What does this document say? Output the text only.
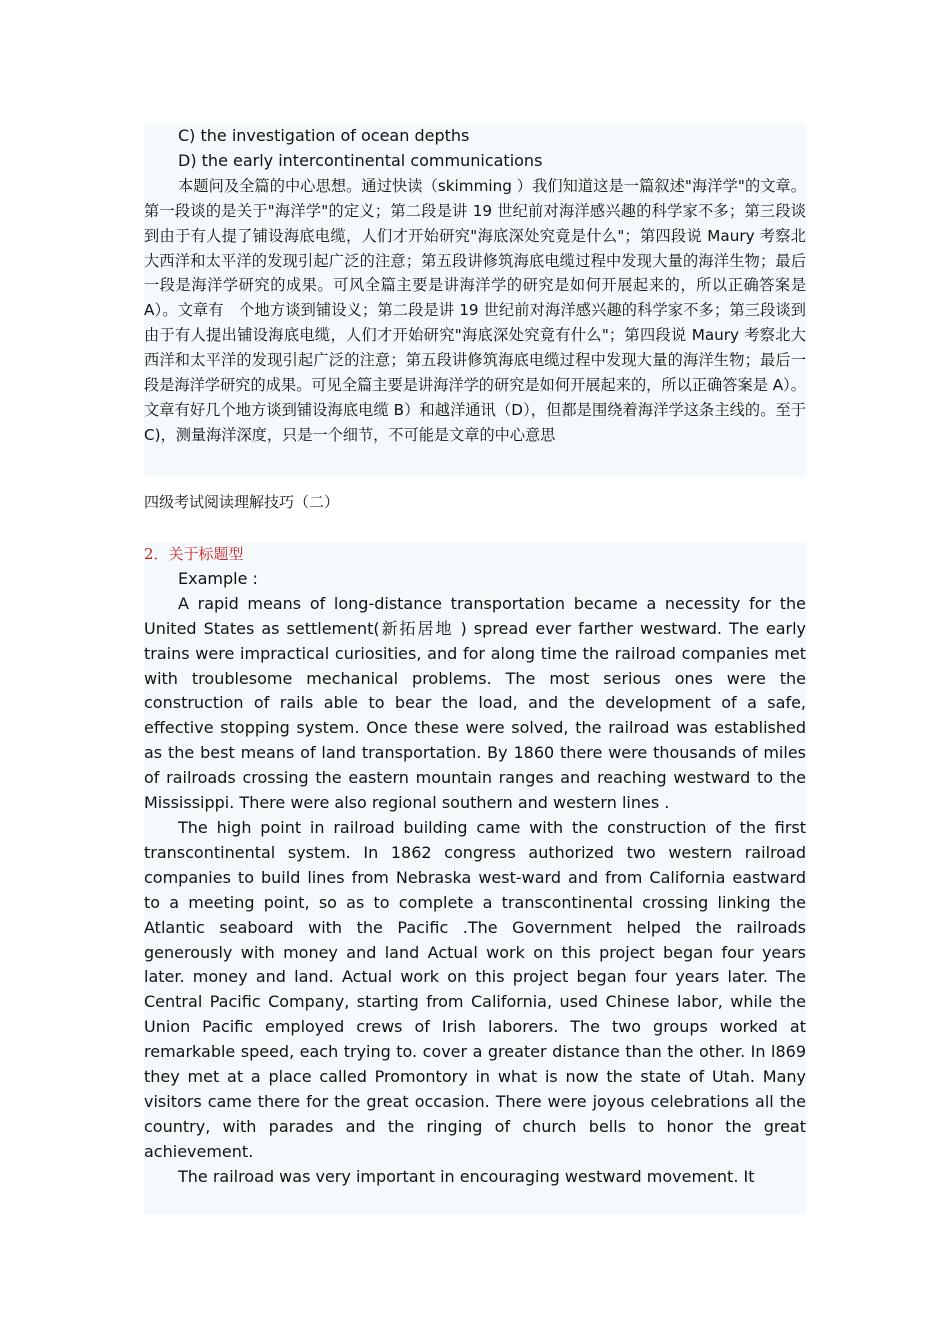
C) the investigation of ocean depths
D) the early intercontinental communications

本题问及全篇的中心思想。通过快读（skimming ）我们知道这是一篇叙述"海洋学"的文章。第一段谈的是关于"海洋学"的定义；第二段是讲 19 世纪前对海洋感兴趣的科学家不多；第三段谈到由于有人提了铺设海底电缆，人们才开始研究"海底深处究竟是什么"；第四段说 Maury 考察北大西洋和太平洋的发现引起广泛的注意；第五段讲修筑海底电缆过程中发现大量的海洋生物；最后一段是海洋学研究的成果。可风全篇主要是讲海洋学的研究是如何开展起来的，所以正确答案是 A）。文章有　个地方谈到铺设义；第二段是讲 19 世纪前对海洋感兴趣的科学家不多；第三段谈到由于有人提出铺设海底电缆，人们才开始研究"海底深处究竟有什么"；第四段说 Maury 考察北大西洋和太平洋的发现引起广泛的注意；第五段讲修筑海底电缆过程中发现大量的海洋生物；最后一段是海洋学研究的成果。可见全篇主要是讲海洋学的研究是如何开展起来的，所以正确答案是 A）。文章有好几个地方谈到铺设海底电缆 B）和越洋通讯（D），但都是围绕着海洋学这条主线的。至于 C)，测量海洋深度，只是一个细节，不可能是文章的中心意思

四级考试阅读理解技巧（二）
2．关于标题型
Example :

A rapid means of long-distance transportation became a necessity for the United States as settlement(新拓居地 ) spread ever farther westward. The early trains were impractical curiosities, and for along time the railroad companies met with troublesome mechanical problems. The most serious ones were the construction of rails able to bear the load, and the development of a safe, effective stopping system. Once these were solved, the railroad was established as the best means of land transportation. By 1860 there were thousands of miles of railroads crossing the eastern mountain ranges and reaching westward to the Mississippi. There were also regional southern and western lines .

The high point in railroad building came with the construction of the first transcontinental system. In 1862 congress authorized two western railroad companies to build lines from Nebraska west-ward and from California eastward to a meeting point, so as to complete a transcontinental crossing linking the Atlantic seaboard with the Pacific .The Government helped the railroads generously with money and land Actual work on this project began four years later. money and land. Actual work on this project began four years later. The Central Pacific Company, starting from California, used Chinese labor, while the Union Pacific employed crews of Irish laborers. The two groups worked at remarkable speed, each trying to. cover a greater distance than the other. In l869 they met at a place called Promontory in what is now the state of Utah. Many visitors came there for the great occasion. There were joyous celebrations all the country, with parades and the ringing of church bells to honor the great achievement.

The railroad was very important in encouraging westward movement. It
